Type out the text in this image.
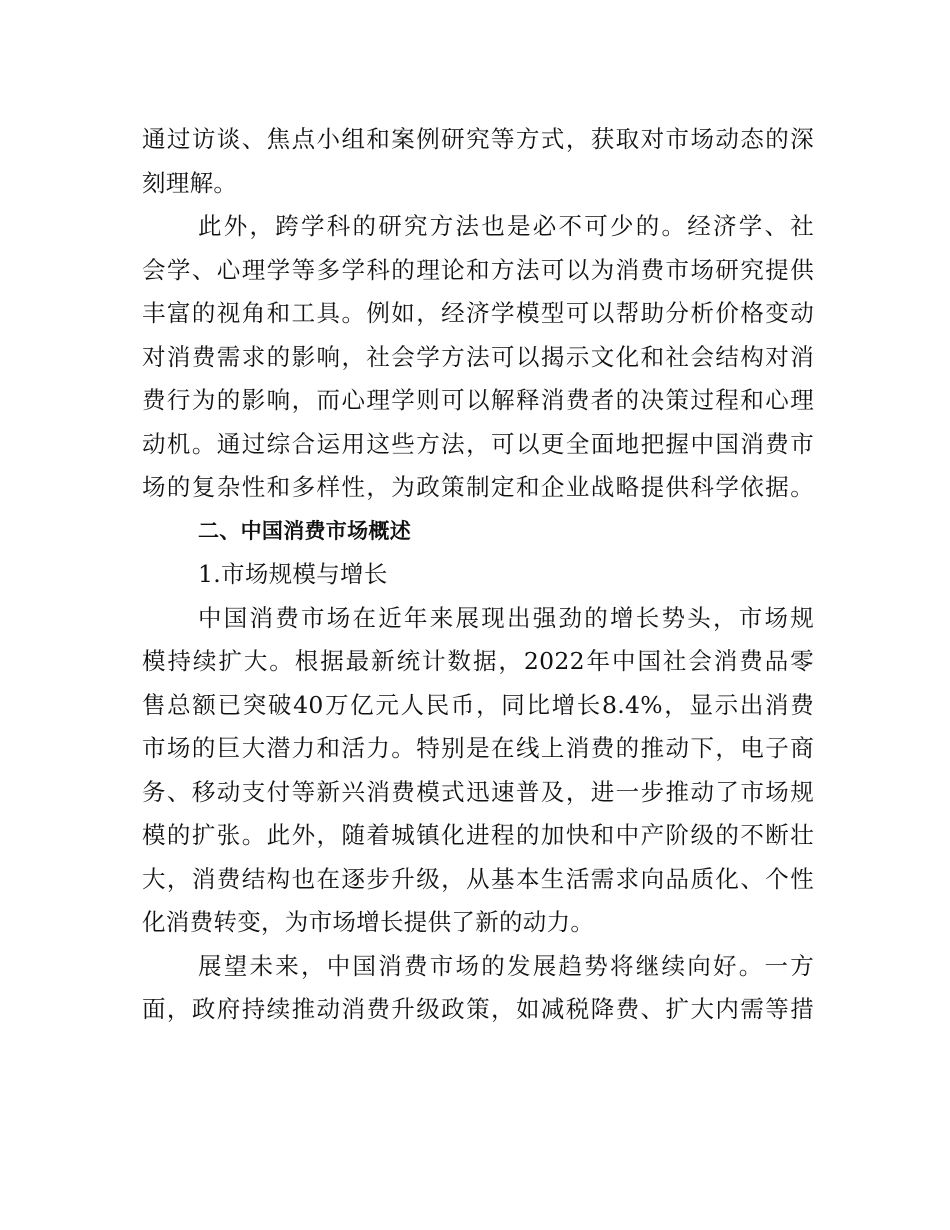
通过访谈、焦点小组和案例研究等方式，获取对市场动态的深
刻理解。
此外，跨学科的研究方法也是必不可少的。经济学、社
会学、心理学等多学科的理论和方法可以为消费市场研究提供
丰富的视角和工具。例如，经济学模型可以帮助分析价格变动
对消费需求的影响，社会学方法可以揭示文化和社会结构对消
费行为的影响，而心理学则可以解释消费者的决策过程和心理
动机。通过综合运用这些方法，可以更全面地把握中国消费市
场的复杂性和多样性，为政策制定和企业战略提供科学依据。
二、中国消费市场概述
1.市场规模与增长
中国消费市场在近年来展现出强劲的增长势头，市场规
模持续扩大。根据最新统计数据，2022年中国社会消费品零
售总额已突破40万亿元人民币，同比增长8.4%，显示出消费
市场的巨大潜力和活力。特别是在线上消费的推动下，电子商
务、移动支付等新兴消费模式迅速普及，进一步推动了市场规
模的扩张。此外，随着城镇化进程的加快和中产阶级的不断壮
大，消费结构也在逐步升级，从基本生活需求向品质化、个性
化消费转变，为市场增长提供了新的动力。
展望未来，中国消费市场的发展趋势将继续向好。一方
面，政府持续推动消费升级政策，如减税降费、扩大内需等措
